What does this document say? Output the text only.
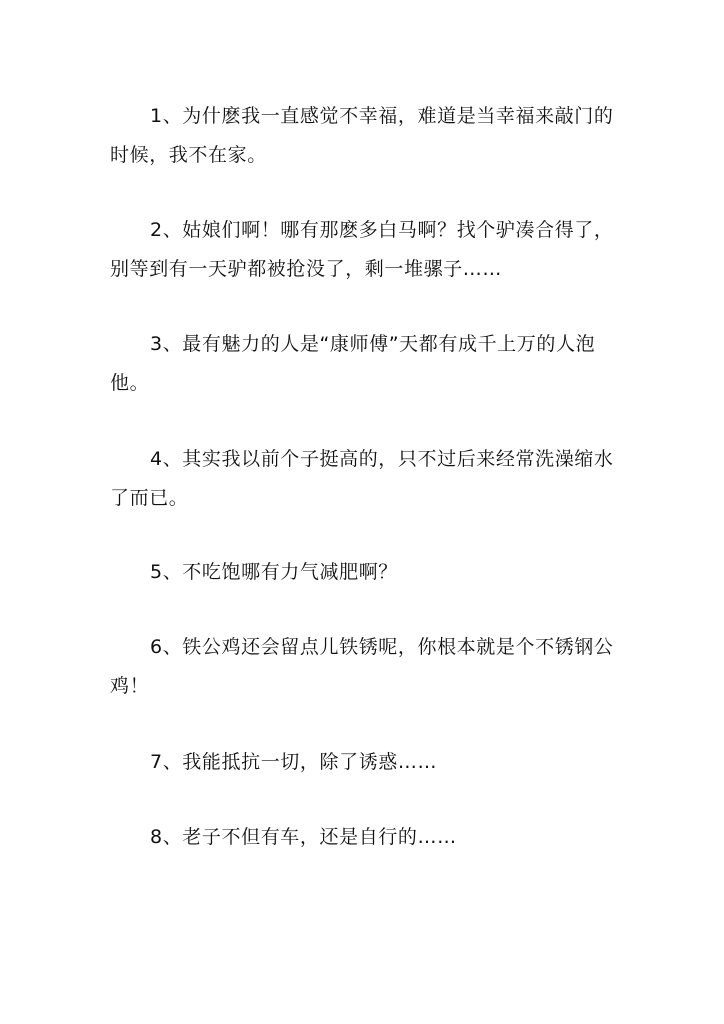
1、为什麽我一直感觉不幸福，难道是当幸福来敲门的时候，我不在家。

2、姑娘们啊！哪有那麽多白马啊？找个驴凑合得了，别等到有一天驴都被抢没了，剩一堆骡子……

3、最有魅力的人是“康师傅”天都有成千上万的人泡他。

4、其实我以前个子挺高的，只不过后来经常洗澡缩水了而已。

5、不吃饱哪有力气减肥啊？

6、铁公鸡还会留点儿铁锈呢，你根本就是个不锈钢公鸡！

7、我能抵抗一切，除了诱惑……

8、老子不但有车，还是自行的……
